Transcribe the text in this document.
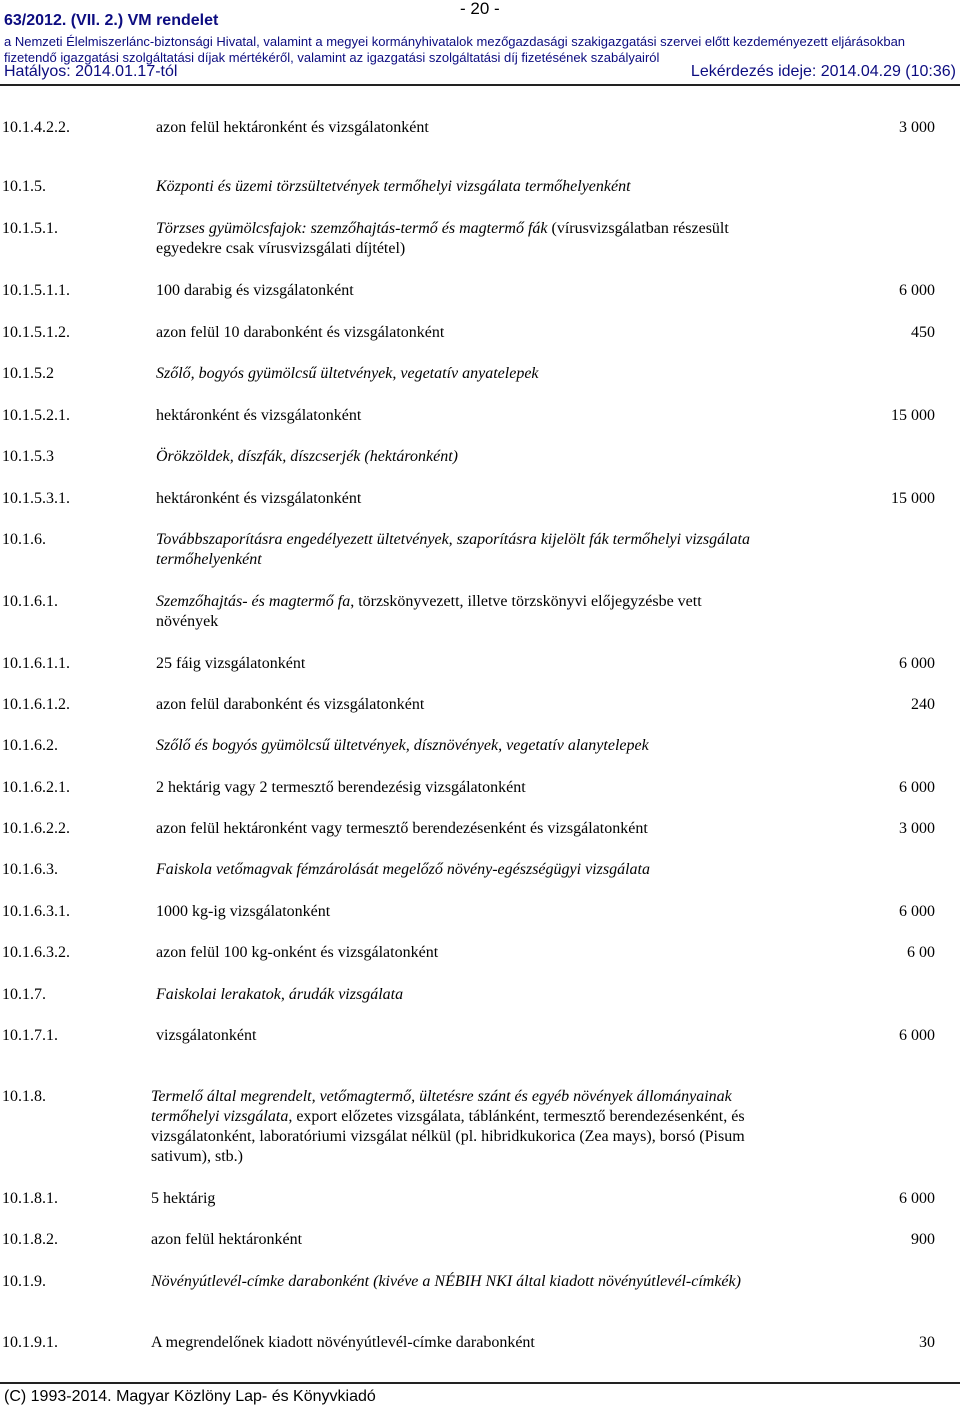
- 20 -
63/2012. (VII. 2.) VM rendelet
a Nemzeti Élelmiszerlánc-biztonsági Hivatal, valamint a megyei kormányhivatalok mezőgazdasági szakigazgatási szervei előtt kezdeményezett eljárásokban fizetendő igazgatási szolgáltatási díjak mértékéről, valamint az igazgatási szolgáltatási díj fizetésének szabályairól
Hatályos: 2014.01.17-tól	Lekérdezés ideje: 2014.04.29 (10:36)
10.1.4.2.2.	azon felül hektáronként és vizsgálatonként	3 000
10.1.5.	Központi és üzemi törzsültetvények termőhelyi vizsgálata termőhelyenként
10.1.5.1.	Törzses gyümölcsfajok: szemzőhajtás-termő és magtermő fák (vírusvizsgálatban részesült egyedekre csak vírusvizsgálati díjtétel)
10.1.5.1.1.	100 darabig és vizsgálatonként	6 000
10.1.5.1.2.	azon felül 10 darabonként és vizsgálatonként	450
10.1.5.2	Szőlő, bogyós gyümölcsű ültetvények, vegetatív anyatelepek
10.1.5.2.1.	hektáronként és vizsgálatonként	15 000
10.1.5.3	Örökzöldek, díszfák, díszcserjék (hektáronként)
10.1.5.3.1.	hektáronként és vizsgálatonként	15 000
10.1.6.	Továbbszaporításra engedélyezett ültetvények, szaporításra kijelölt fák termőhelyi vizsgálata termőhelyenként
10.1.6.1.	Szemzőhajtás- és magtermő fa, törzskönyvezett, illetve törzskönyvi előjegyzésbe vett növények
10.1.6.1.1.	25 fáig vizsgálatonként	6 000
10.1.6.1.2.	azon felül darabonként és vizsgálatonként	240
10.1.6.2.	Szőlő és bogyós gyümölcsű ültetvények, dísznövények, vegetatív alanytelepek
10.1.6.2.1.	2 hektárig vagy 2 termesztő berendezésig vizsgálatonként	6 000
10.1.6.2.2.	azon felül hektáronként vagy termesztő berendezésenként és vizsgálatonként	3 000
10.1.6.3.	Faiskola vetőmagvak fémzárolását megelőző növény-egészségügyi vizsgálata
10.1.6.3.1.	1000 kg-ig vizsgálatonként	6 000
10.1.6.3.2.	azon felül 100 kg-onként és vizsgálatonként	6 00
10.1.7.	Faiskolai lerakatok, árudák vizsgálata
10.1.7.1.	vizsgálatonként	6 000
10.1.8.	Termelő által megrendelt, vetőmagtermő, ültetésre szánt és egyéb növények állományainak termőhelyi vizsgálata, export előzetes vizsgálata, táblánként, termesztő berendezésenként, és vizsgálatonként, laboratóriumi vizsgálat nélkül (pl. hibridkukorica (Zea mays), borsó (Pisum sativum), stb.)
10.1.8.1.	5 hektárig	6 000
10.1.8.2.	azon felül hektáronként	900
10.1.9.	Növényútlevél-címke darabonként (kivéve a NÉBIH NKI által kiadott növényútlevél-címkék)
10.1.9.1.	A megrendelőnek kiadott növényútlevél-címke darabonként	30
(C) 1993-2014. Magyar Közlöny Lap- és Könyvkiadó
